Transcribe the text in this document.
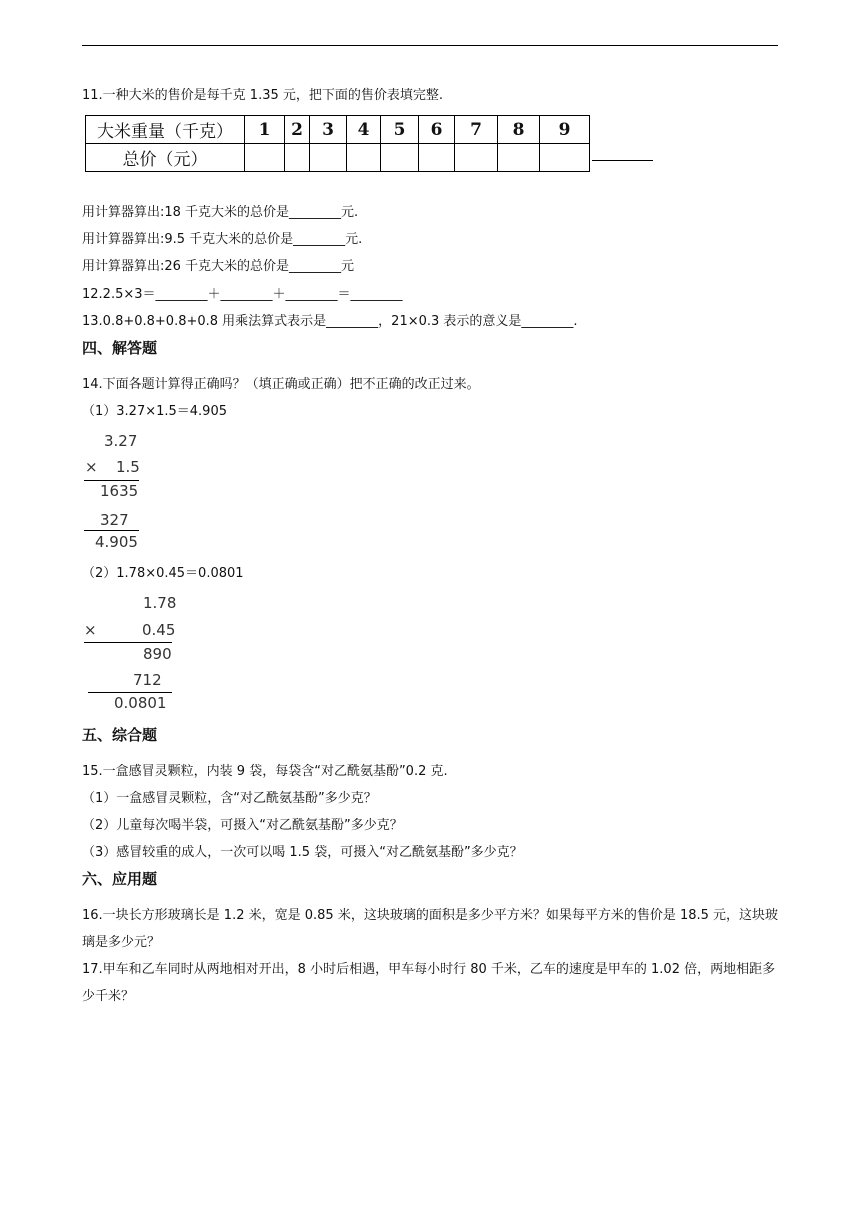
11.一种大米的售价是每千克 1.35 元，把下面的售价表填完整.
大米重量（千克）	1	2	3	4	5	6	7	8	9
总价（元）									
用计算器算出:18 千克大米的总价是________元.
用计算器算出:9.5 千克大米的总价是________元.
用计算器算出:26 千克大米的总价是________元
12.2.5×3＝________＋________＋________＝________
13.0.8+0.8+0.8+0.8 用乘法算式表示是________，21×0.3 表示的意义是________.
四、解答题
14.下面各题计算得正确吗？（填正确或正确）把不正确的改正过来。
（1）3.27×1.5＝4.905
3.27
× 1.5
1635
327
4.905
（2）1.78×0.45＝0.0801
1.78
×	0.45
890
712
0.0801
五、综合题
15.一盒感冒灵颗粒，内装 9 袋，每袋含“对乙酰氨基酚”0.2 克.
（1）一盒感冒灵颗粒，含“对乙酰氨基酚”多少克？
（2）儿童每次喝半袋，可摄入“对乙酰氨基酚”多少克？
（3）感冒较重的成人，一次可以喝 1.5 袋，可摄入“对乙酰氨基酚”多少克？
六、应用题
16.一块长方形玻璃长是 1.2 米，宽是 0.85 米，这块玻璃的面积是多少平方米？如果每平方米的售价是 18.5 元，这块玻璃是多少元？
17.甲车和乙车同时从两地相对开出，8 小时后相遇，甲车每小时行 80 千米，乙车的速度是甲车的 1.02 倍，两地相距多少千米？
